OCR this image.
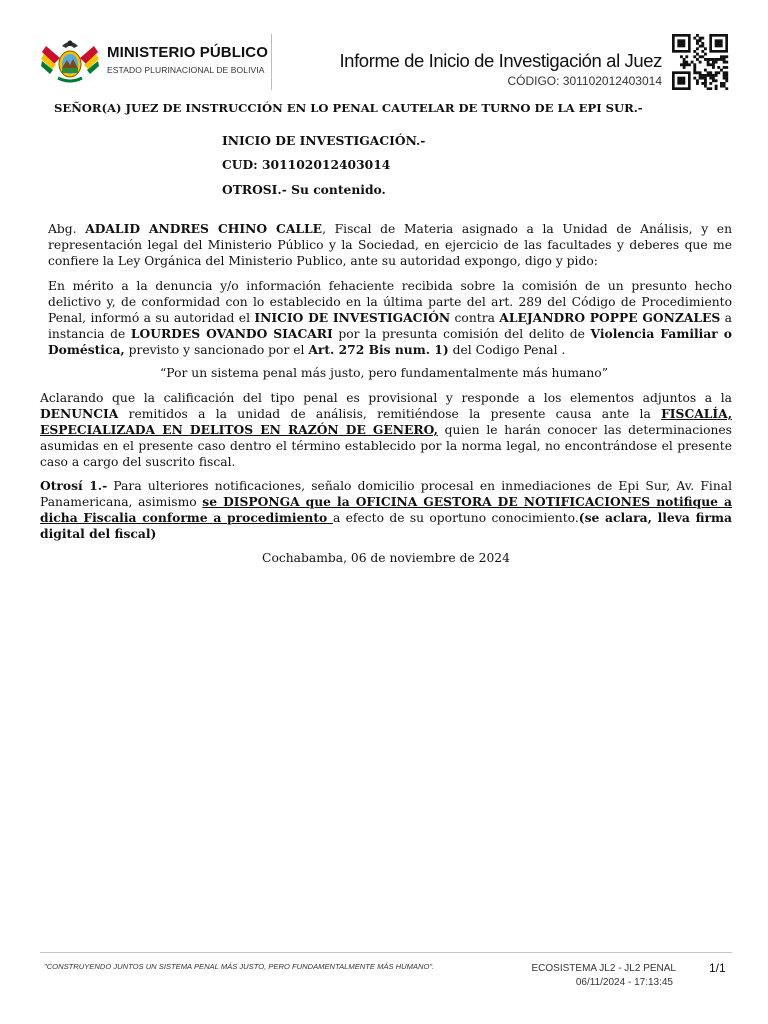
MINISTERIO PÚBLICO
ESTADO PLURINACIONAL DE BOLIVIA	Informe de Inicio de Investigación al Juez
CÓDIGO: 301102012403014
SEÑOR(A) JUEZ DE INSTRUCCIÓN EN LO PENAL CAUTELAR DE TURNO DE LA EPI SUR.-
INICIO DE INVESTIGACIÓN.-
CUD: 301102012403014
OTROSI.- Su contenido.
Abg. ADALID ANDRES CHINO CALLE, Fiscal de Materia asignado a la Unidad de Análisis, y en representación legal del Ministerio Público y la Sociedad, en ejercicio de las facultades y deberes que me confiere la Ley Orgánica del Ministerio Publico, ante su autoridad expongo, digo y pido:
En mérito a la denuncia y/o información fehaciente recibida sobre la comisión de un presunto hecho delictivo y, de conformidad con lo establecido en la última parte del art. 289 del Código de Procedimiento Penal, informó a su autoridad el INICIO DE INVESTIGACIÓN contra ALEJANDRO POPPE GONZALES a instancia de LOURDES OVANDO SIACARI por la presunta comisión del delito de Violencia Familiar o Doméstica, previsto y sancionado por el Art. 272 Bis num. 1) del Codigo Penal .
“Por un sistema penal más justo, pero fundamentalmente más humano”
Aclarando que la calificación del tipo penal es provisional y responde a los elementos adjuntos a la DENUNCIA remitidos a la unidad de análisis, remitiéndose la presente causa ante la FISCALÍA, ESPECIALIZADA EN DELITOS EN RAZÓN DE GENERO, quien le harán conocer las determinaciones asumidas en el presente caso dentro el término establecido por la norma legal, no encontrándose el presente caso a cargo del suscrito fiscal.
Otrosí 1.- Para ulteriores notificaciones, señalo domicilio procesal en inmediaciones de Epi Sur, Av. Final Panamericana, asimismo se DISPONGA que la OFICINA GESTORA DE NOTIFICACIONES notifique a dicha Fiscalia conforme a procedimiento a efecto de su oportuno conocimiento.(se aclara, lleva firma digital del fiscal)
Cochabamba, 06 de noviembre de 2024
"CONSTRUYENDO JUNTOS UN SISTEMA PENAL MÁS JUSTO, PERO FUNDAMENTALMENTE MÁS HUMANO".	ECOSISTEMA JL2 - JL2 PENAL
06/11/2024 - 17:13:45
1/1
